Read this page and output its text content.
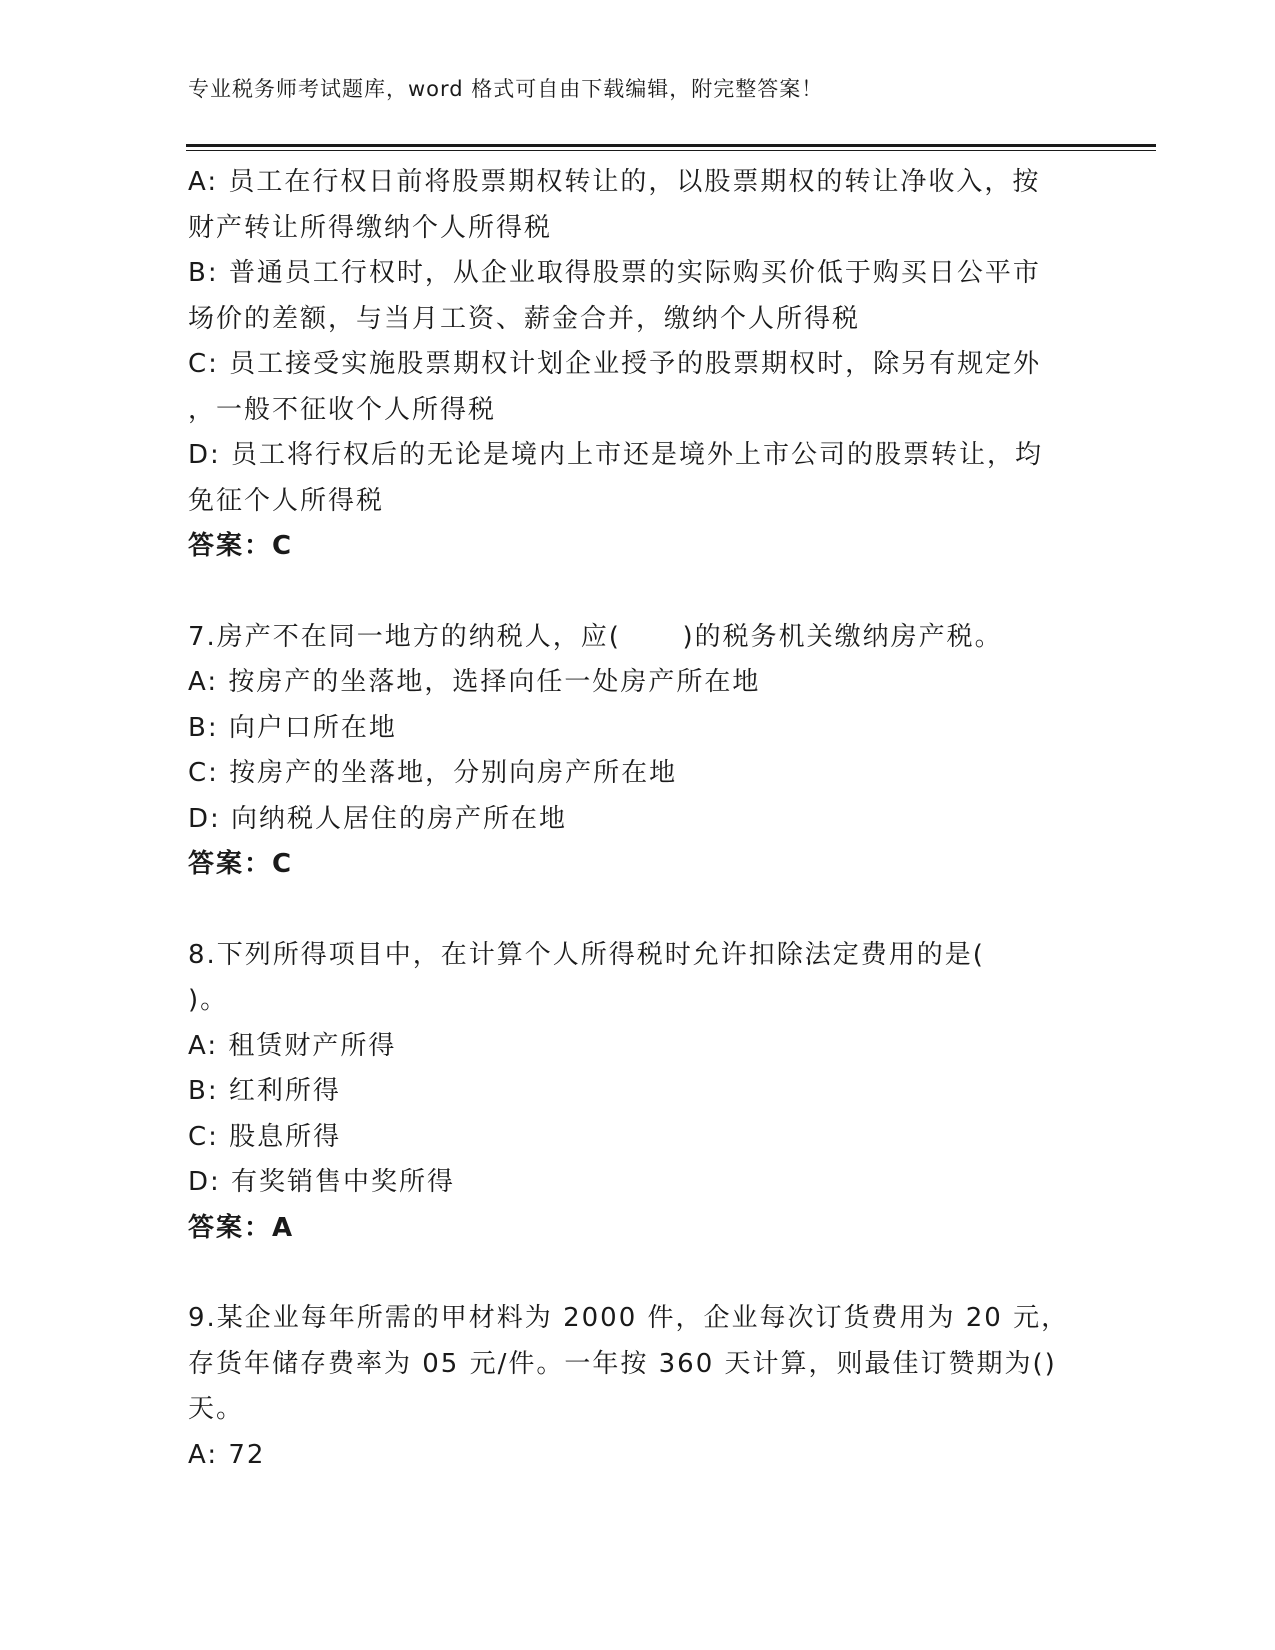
专业税务师考试题库，word 格式可自由下载编辑，附完整答案！
A: 员工在行权日前将股票期权转让的，以股票期权的转让净收入，按
财产转让所得缴纳个人所得税
B: 普通员工行权时，从企业取得股票的实际购买价低于购买日公平市
场价的差额，与当月工资、薪金合并，缴纳个人所得税
C: 员工接受实施股票期权计划企业授予的股票期权时，除另有规定外
，一般不征收个人所得税
D: 员工将行权后的无论是境内上市还是境外上市公司的股票转让，均
免征个人所得税
答案：C
7.房产不在同一地方的纳税人，应(      )的税务机关缴纳房产税。
A: 按房产的坐落地，选择向任一处房产所在地
B: 向户口所在地
C: 按房产的坐落地，分别向房产所在地
D: 向纳税人居住的房产所在地
答案：C
8.下列所得项目中，在计算个人所得税时允许扣除法定费用的是(
)。
A: 租赁财产所得
B: 红利所得
C: 股息所得
D: 有奖销售中奖所得
答案：A
9.某企业每年所需的甲材料为 2000 件，企业每次订货费用为 20 元，
存货年储存费率为 05 元/件。一年按 360 天计算，则最佳订赞期为()
天。
A: 72
